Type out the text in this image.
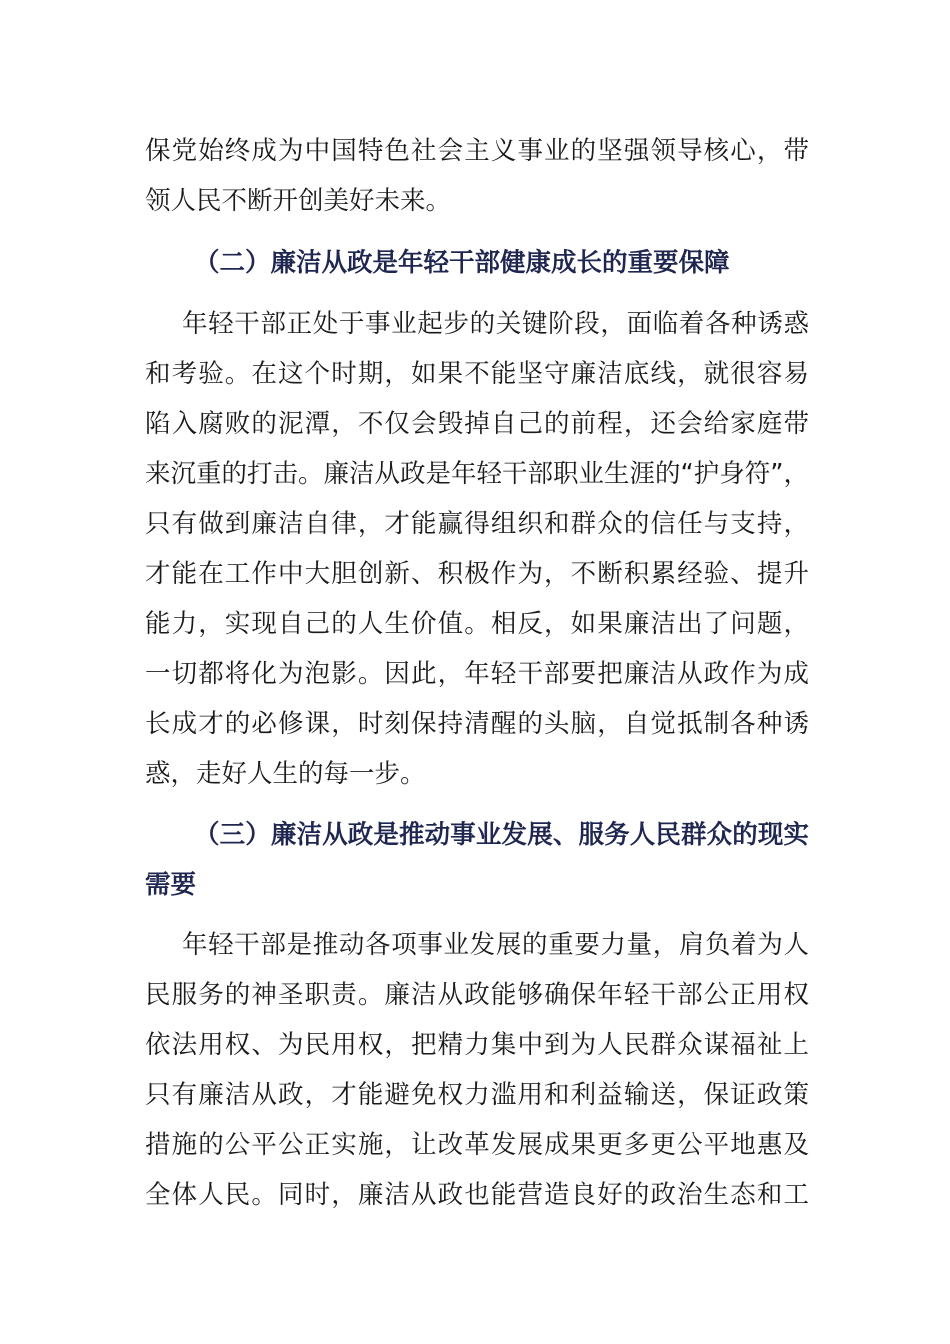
保党始终成为中国特色社会主义事业的坚强领导核心，带
领人民不断开创美好未来。
（二）廉洁从政是年轻干部健康成长的重要保障
年轻干部正处于事业起步的关键阶段，面临着各种诱惑
和考验。在这个时期，如果不能坚守廉洁底线，就很容易
陷入腐败的泥潭，不仅会毁掉自己的前程，还会给家庭带
来沉重的打击。廉洁从政是年轻干部职业生涯的“护身符”，
只有做到廉洁自律，才能赢得组织和群众的信任与支持，
才能在工作中大胆创新、积极作为，不断积累经验、提升
能力，实现自己的人生价值。相反，如果廉洁出了问题，
一切都将化为泡影。因此，年轻干部要把廉洁从政作为成
长成才的必修课，时刻保持清醒的头脑，自觉抵制各种诱
惑，走好人生的每一步。
（三）廉洁从政是推动事业发展、服务人民群众的现实
需要
年轻干部是推动各项事业发展的重要力量，肩负着为人
民服务的神圣职责。廉洁从政能够确保年轻干部公正用权
依法用权、为民用权，把精力集中到为人民群众谋福祉上
只有廉洁从政，才能避免权力滥用和利益输送，保证政策
措施的公平公正实施，让改革发展成果更多更公平地惠及
全体人民。同时，廉洁从政也能营造良好的政治生态和工
